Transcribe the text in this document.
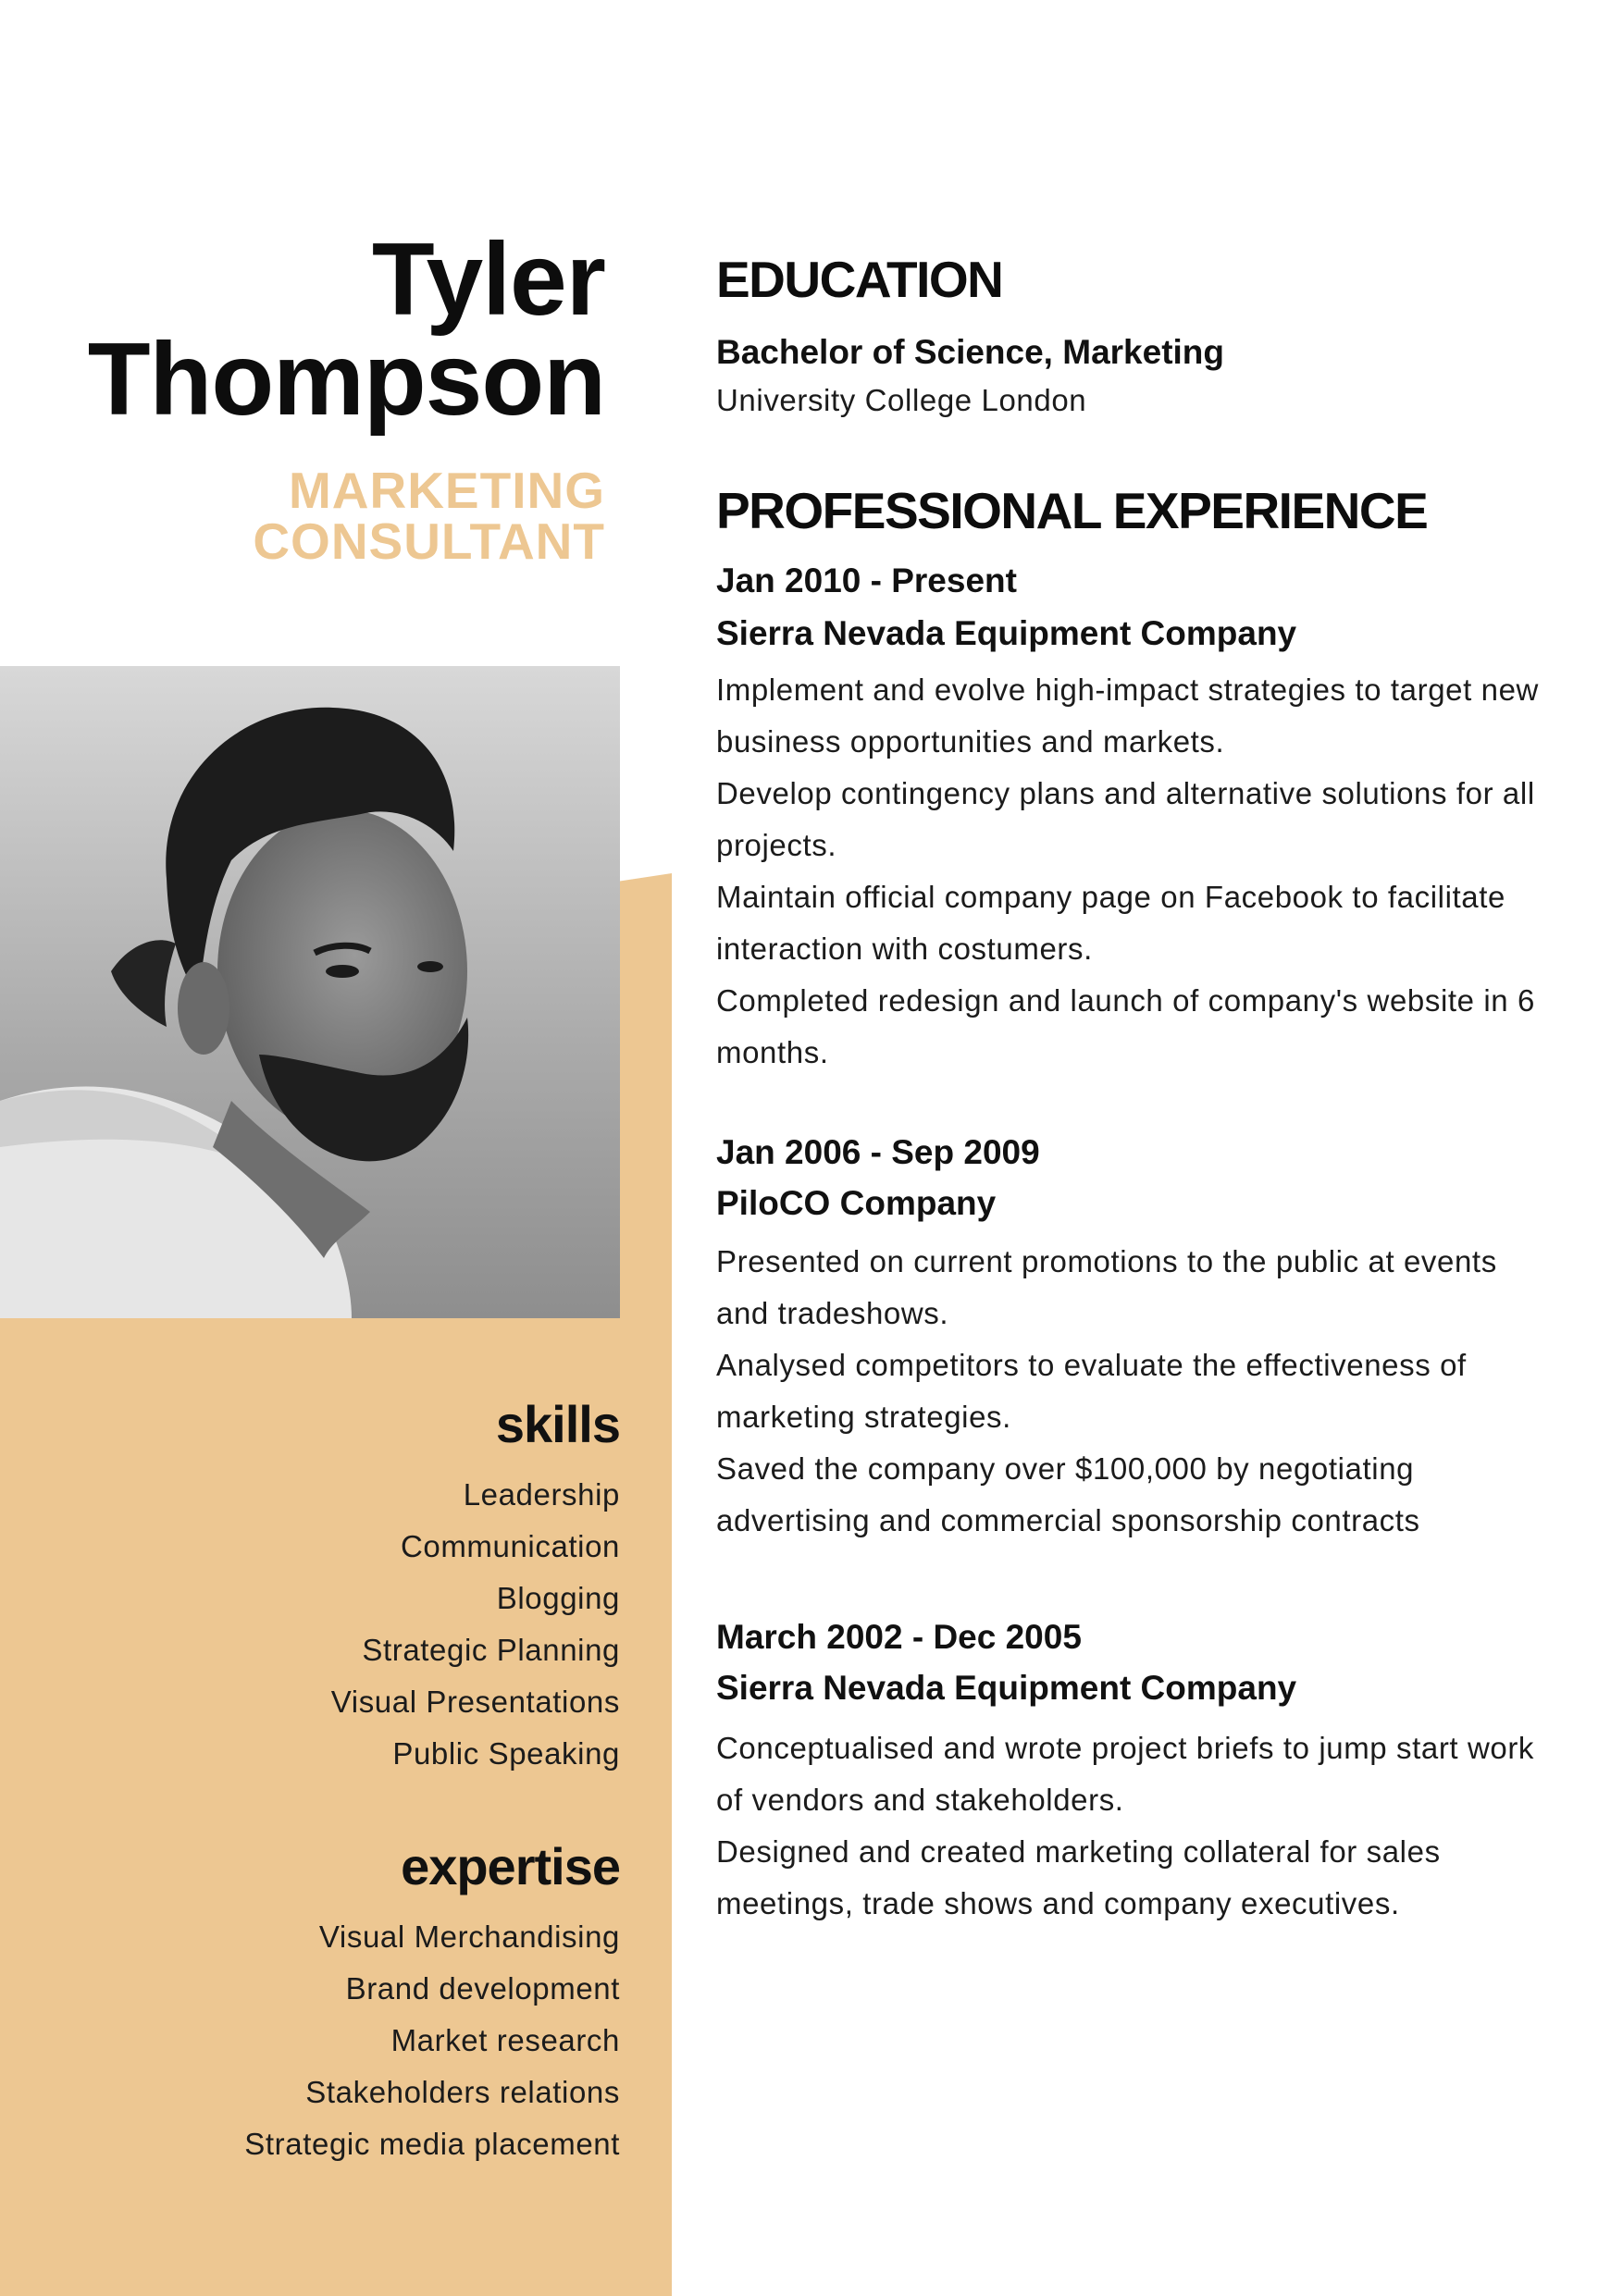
Tyler
Thompson

MARKETING
CONSULTANT

skills
Leadership
Communication
Blogging
Strategic Planning
Visual Presentations
Public Speaking
expertise
Visual Merchandising
Brand development
Market research
Stakeholders relations
Strategic media placement
EDUCATION

Bachelor of Science, Marketing

University College London

PROFESSIONAL EXPERIENCE

Jan 2010 - Present

Sierra Nevada Equipment Company

Implement and evolve high-impact strategies to target new business opportunities and markets.
Develop contingency plans and alternative solutions for all projects.
Maintain official company page on Facebook to facilitate interaction with costumers.
Completed redesign and launch of company's website in 6 months.

Jan 2006 - Sep 2009

PiloCO Company

Presented on current promotions to the public at events and tradeshows.
Analysed competitors to evaluate the effectiveness of marketing strategies.
Saved the company over $100,000 by negotiating advertising and commercial sponsorship contracts

March 2002 - Dec 2005

Sierra Nevada Equipment Company

Conceptualised and wrote project briefs to jump start work of vendors and stakeholders.
Designed and created marketing collateral for sales meetings, trade shows and company executives.
